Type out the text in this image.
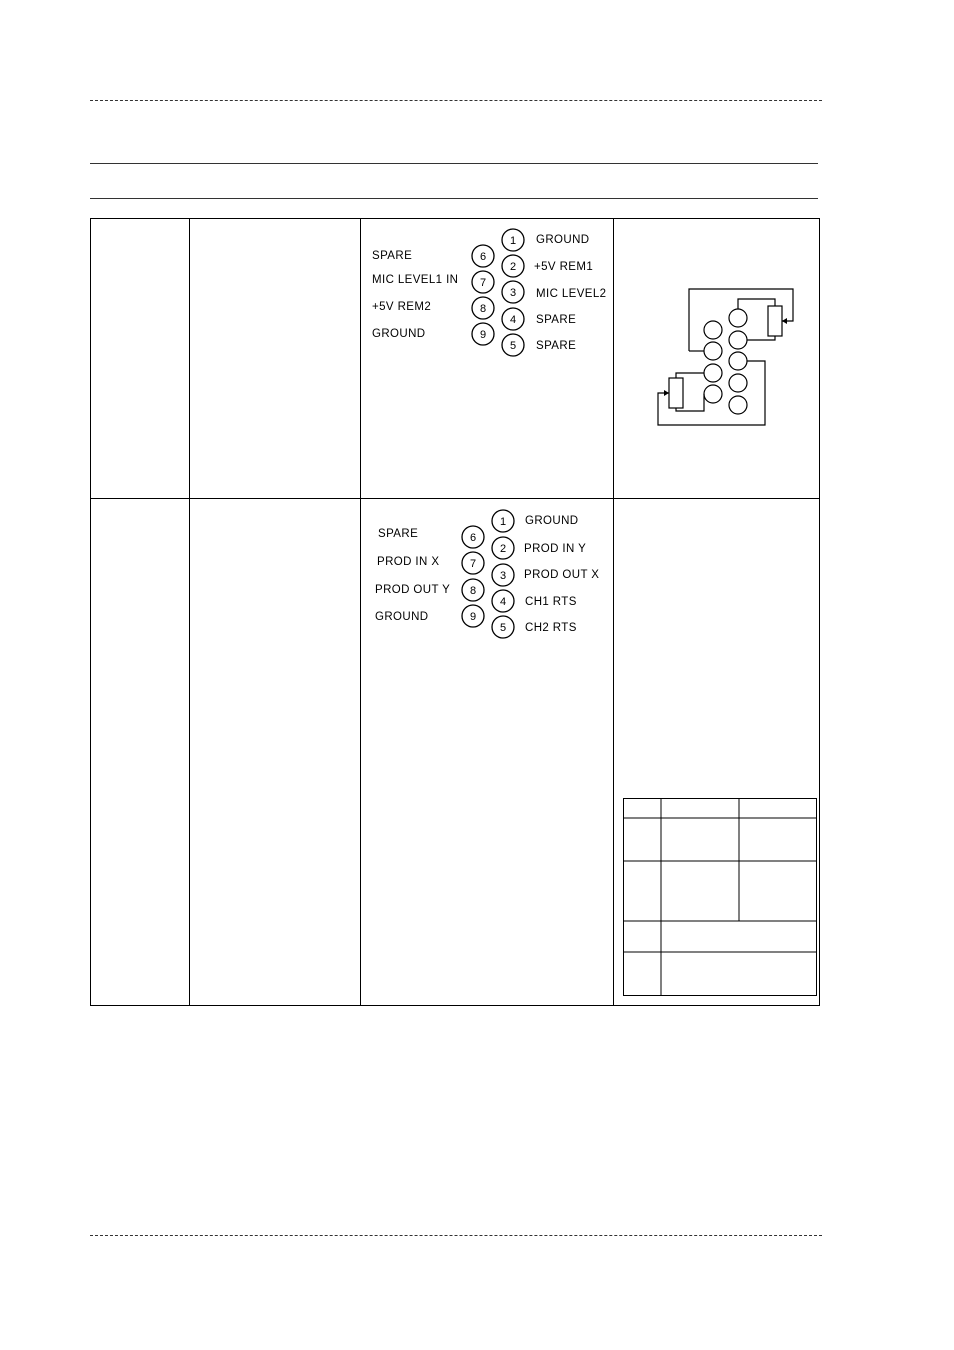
1 GROUND
2 +5V REM1
3 MIC LEVEL2
4 SPARE
5 SPARE
6
SPARE
7
MIC LEVEL1 IN
8
+5V REM2
9
GROUND
1 GROUND
2 PROD IN Y
3 PROD OUT X
4 CH1 RTS
5 CH2 RTS
6
SPARE
7
PROD IN X
8
PROD OUT Y
9
GROUND
